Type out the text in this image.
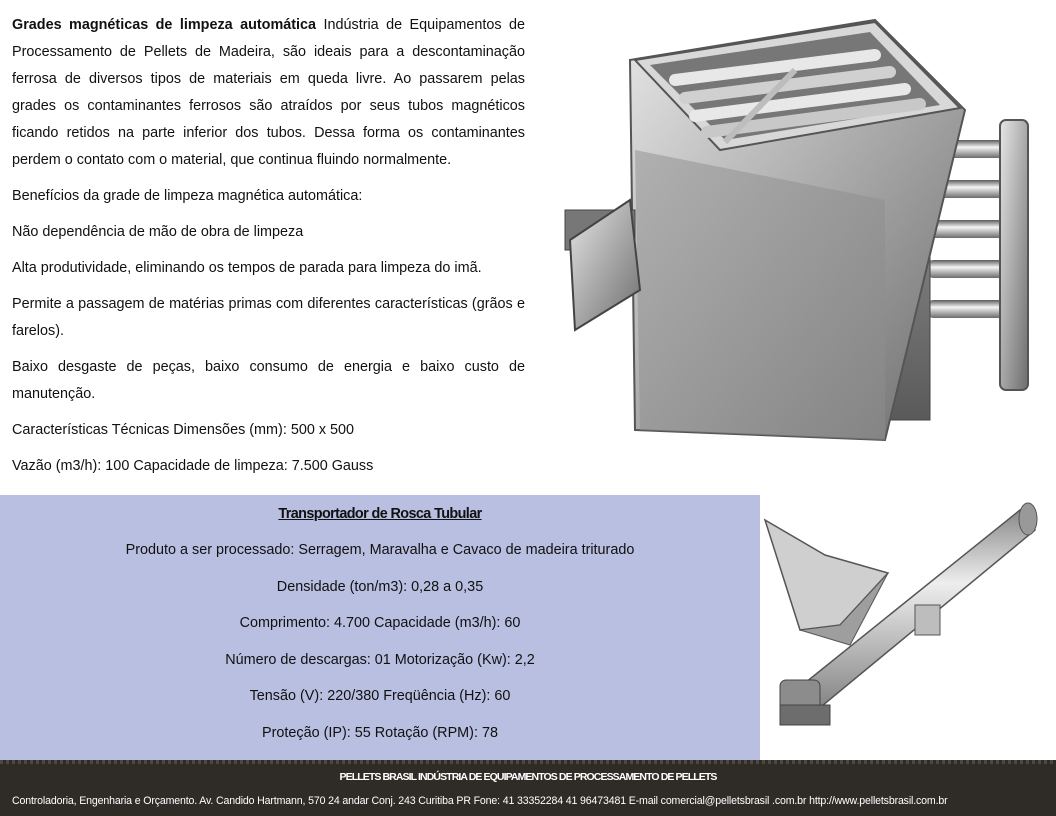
Grades magnéticas de limpeza automática Indústria de Equipamentos de Processamento de Pellets de Madeira, são ideais para a descontaminação ferrosa de diversos tipos de materiais em queda livre. Ao passarem pelas grades os contaminantes ferrosos são atraídos por seus tubos magnéticos ficando retidos na parte inferior dos tubos. Dessa forma os contaminantes perdem o contato com o material, que continua fluindo normalmente.

Benefícios da grade de limpeza magnética automática:

Não dependência de mão de obra de limpeza

Alta produtividade, eliminando os tempos de parada para limpeza do imã.

Permite a passagem de matérias primas com diferentes características (grãos e farelos).

Baixo desgaste de peças, baixo consumo de energia e baixo custo de manutenção.

Características Técnicas Dimensões (mm): 500 x 500

Vazão (m3/h): 100 Capacidade de limpeza: 7.500 Gauss

Transportador de Rosca Tubular
Produto a ser processado: Serragem, Maravalha e Cavaco de madeira triturado
Densidade (ton/m3): 0,28 a 0,35
Comprimento: 4.700 Capacidade (m3/h): 60
Número de descargas: 01 Motorização (Kw): 2,2
Tensão (V): 220/380 Freqüência (Hz): 60
Proteção (IP): 55 Rotação (RPM): 78
PELLETS BRASIL INDÚSTRIA DE EQUIPAMENTOS DE PROCESSAMENTO DE PELLETS
Controladoria, Engenharia e Orçamento. Av. Candido Hartmann, 570 24 andar Conj. 243 Curitiba PR Fone: 41 33352284 41 96473481 E-mail comercial@pelletsbrasil .com.br http://www.pelletsbrasil.com.br
